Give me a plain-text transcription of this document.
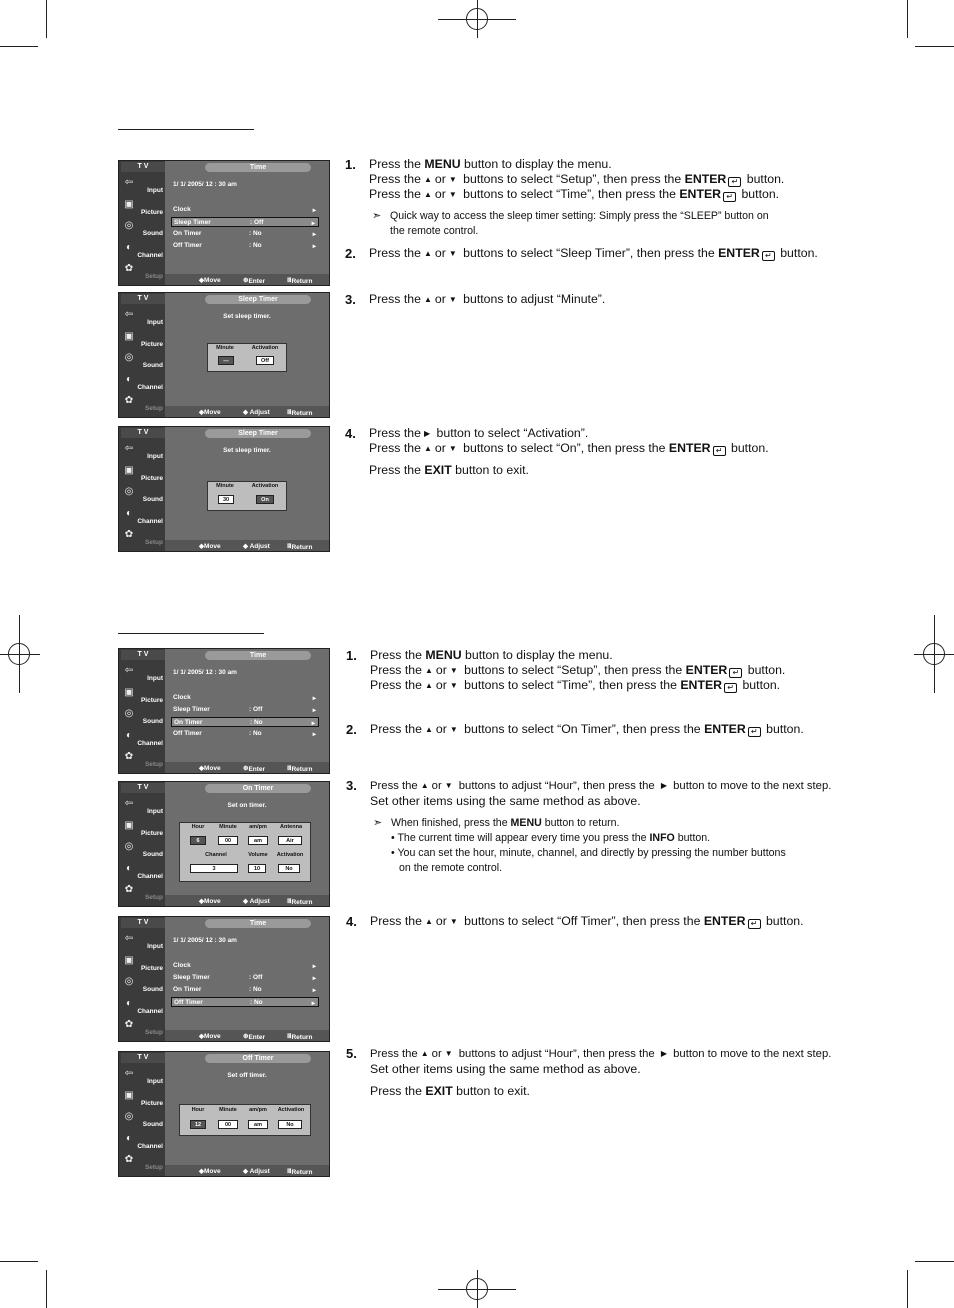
T V	Time
⇦
Input
▣
Picture
◎
Sound
◐
Channel
✿
Setup
1/ 1/ 2005/ 12 : 30 am
Clock	▸
Sleep Timer	: Off	▸
On Timer	: No	▸
Off Timer	: No	▸
◆Move	⊕ Enter	Ⅲ Return
T V	Sleep Timer
⇦
Input
▣
Picture
◎
Sound
◐
Channel
✿
Setup
Set sleep timer.
Minute	Activation
---	Off
◆Move	◆ Adjust	Ⅲ Return
T V	Sleep Timer
⇦
Input
▣
Picture
◎
Sound
◐
Channel
✿
Setup
Set sleep timer.
Minute	Activation
30	On
◆Move	◆ Adjust	Ⅲ Return
T V	Time
⇦
Input
▣
Picture
◎
Sound
◐
Channel
✿
Setup
1/ 1/ 2005/ 12 : 30 am
Clock	▸
Sleep Timer	: Off	▸
On Timer	: No	▸
Off Timer	: No	▸
◆Move	⊕ Enter	Ⅲ Return
T V	On Timer
⇦
Input
▣
Picture
◎
Sound
◐
Channel
✿
Setup
Set on timer.
Hour	Minute	am/pm	Antenna
6	00	am	Air
Channel	Volume	Activation
3	10	No
◆Move	◆ Adjust	Ⅲ Return
T V	Time
⇦
Input
▣
Picture
◎
Sound
◐
Channel
✿
Setup
1/ 1/ 2005/ 12 : 30 am
Clock	▸
Sleep Timer	: Off	▸
On Timer	: No	▸
Off Timer	: No	▸
◆Move	⊕ Enter	Ⅲ Return
T V	Off Timer
⇦
Input
▣
Picture
◎
Sound
◐
Channel
✿
Setup
Set off timer.
Hour	Minute	am/pm	Activation
12	00	am	No
◆Move	◆ Adjust	Ⅲ Return
1. Press the MENU button to display the menu.
Press the ▲ or ▼ buttons to select “Setup”, then press the ENTER ↵ button.
Press the ▲ or ▼ buttons to select “Time”, then press the ENTER ↵ button.
➣ Quick way to access the sleep timer setting: Simply press the “SLEEP” button on
the remote control.
2. Press the ▲ or ▼ buttons to select “Sleep Timer”, then press the ENTER ↵ button.
3. Press the ▲ or ▼ buttons to adjust “Minute”.
4. Press the ▶ button to select “Activation”.
Press the ▲ or ▼ buttons to select “On”, then press the ENTER ↵ button.
Press the EXIT button to exit.
1. Press the MENU button to display the menu.
Press the ▲ or ▼ buttons to select “Setup”, then press the ENTER ↵ button.
Press the ▲ or ▼ buttons to select “Time”, then press the ENTER ↵ button.
2. Press the ▲ or ▼ buttons to select “On Timer”, then press the ENTER ↵ button.
3. Press the ▲ or ▼ buttons to adjust “Hour”, then press the ▶ button to move to the next step.
Set other items using the same method as above.
➣ When finished, press the MENU button to return.
• The current time will appear every time you press the INFO button.
• You can set the hour, minute, channel, and directly by pressing the number buttons
on the remote control.
4. Press the ▲ or ▼ buttons to select “Off Timer”, then press the ENTER ↵ button.
5. Press the ▲ or ▼ buttons to adjust “Hour”, then press the ▶ button to move to the next step.
Set other items using the same method as above.
Press the EXIT button to exit.
